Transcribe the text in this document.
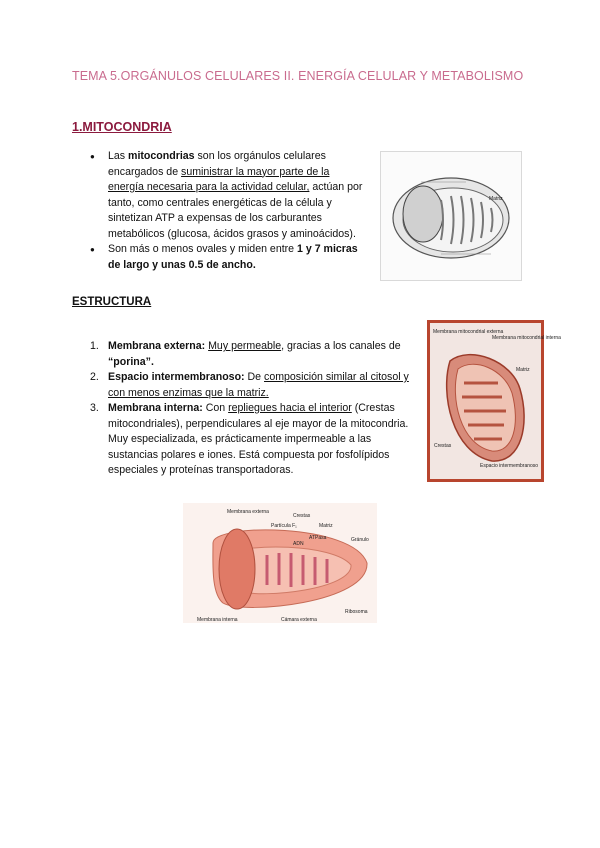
TEMA 5.ORGÁNULOS CELULARES II. ENERGÍA CELULAR Y METABOLISMO
1.MITOCONDRIA
● Las mitocondrias son los orgánulos celulares encargados de suministrar la mayor parte de la energía necesaria para la actividad celular, actúan por tanto, como centrales energéticas de la célula y sintetizan ATP a expensas de los carburantes metabólicos (glucosa, ácidos grasos y aminoácidos).
● Son más o menos ovales y miden entre 1 y 7 micras de largo y unas 0.5 de ancho.
Matriz
ESTRUCTURA
1. Membrana externa: Muy permeable, gracias a los canales de “porina”.
2. Espacio intermembranoso: De composición similar al citosol y con menos enzimas que la matriz.
3. Membrana interna: Con repliegues hacia el interior (Crestas mitocondriales), perpendiculares al eje mayor de la mitocondria. Muy especializada, es prácticamente impermeable a las sustancias polares e iones. Está compuesta por fosfolípidos especiales y proteínas transportadoras.
Membrana mitocondrial externa
Membrana mitocondrial interna
Matriz
Crestas
Espacio intermembranoso
Membrana externa
Crestas
Partícula F₁	Matriz
Gránulo
ATPasa
ADN
Ribosoma
Membrana interna	Cámara externa
